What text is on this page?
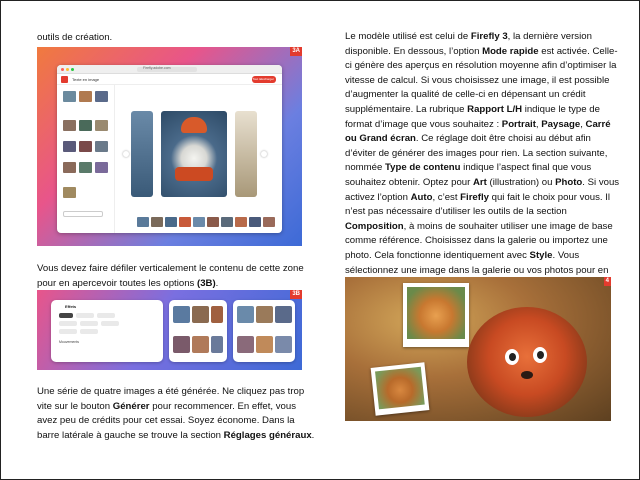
outils de création.
Firefly.adobe.com
Texte en image	Tout télécharger
3A
Vous devez faire défiler verticalement le contenu de cette zone
pour en apercevoir toutes les options (3B).
Effets
Mouvements
3B
Une série de quatre images a été générée. Ne cliquez pas trop
vite sur le bouton Générer pour recommencer. En effet, vous
avez peu de crédits pour cet essai. Soyez économe. Dans la
barre latérale à gauche se trouve la section Réglages généraux.
Le modèle utilisé est celui de Firefly 3, la dernière version
disponible. En dessous, l’option Mode rapide est activée. Celle-
ci génère des aperçus en résolution moyenne afin d’optimiser la
vitesse de calcul. Si vous choisissez une image, il est possible
d’augmenter la qualité de celle-ci en dépensant un crédit
supplémentaire. La rubrique Rapport L/H indique le type de
format d’image que vous souhaitez : Portrait, Paysage, Carré
ou Grand écran. Ce réglage doit être choisi au début afin
d’éviter de générer des images pour rien. La section suivante,
nommée Type de contenu indique l’aspect final que vous
souhaitez obtenir. Optez pour Art (illustration) ou Photo. Si vous
activez l’option Auto, c’est Firefly qui fait le choix pour vous. Il
n’est pas nécessaire d’utiliser les outils de la section
Composition, à moins de souhaiter utiliser une image de base
comme référence. Choisissez dans la galerie ou importez une
photo. Cela fonctionne identiquement avec Style. Vous
sélectionnez une image dans la galerie ou vos photos pour en
4
